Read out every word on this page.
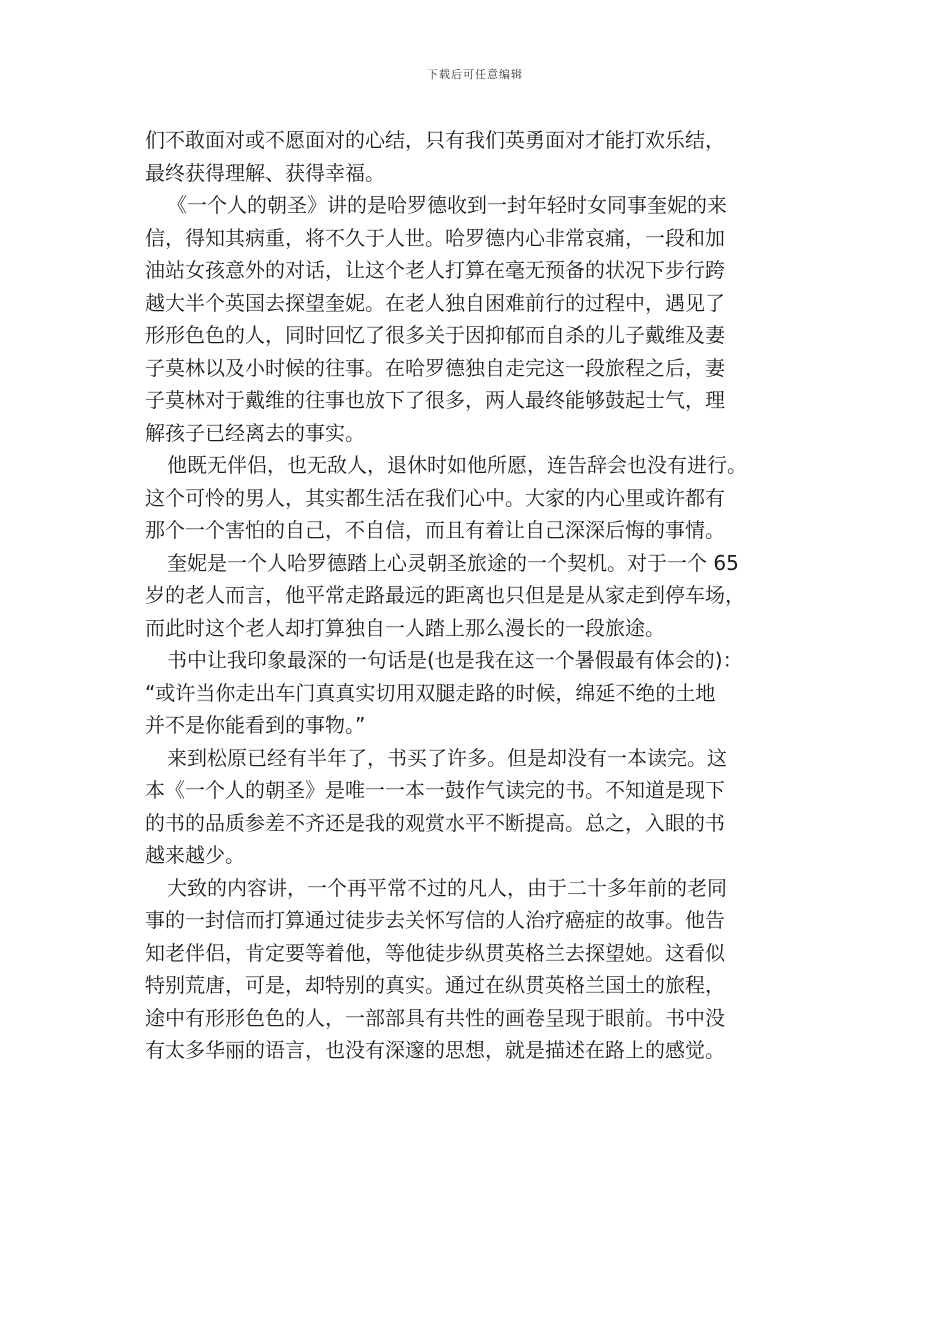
下载后可任意编辑
们不敢面对或不愿面对的心结，只有我们英勇面对才能打欢乐结，
最终获得理解、获得幸福。
《一个人的朝圣》讲的是哈罗德收到一封年轻时女同事奎妮的来
信，得知其病重，将不久于人世。哈罗德内心非常哀痛，一段和加
油站女孩意外的对话，让这个老人打算在毫无预备的状况下步行跨
越大半个英国去探望奎妮。在老人独自困难前行的过程中，遇见了
形形色色的人，同时回忆了很多关于因抑郁而自杀的儿子戴维及妻
子莫林以及小时候的往事。在哈罗德独自走完这一段旅程之后，妻
子莫林对于戴维的往事也放下了很多，两人最终能够鼓起士气，理
解孩子已经离去的事实。
他既无伴侣，也无敌人，退休时如他所愿，连告辞会也没有进行。
这个可怜的男人，其实都生活在我们心中。大家的内心里或许都有
那个一个害怕的自己，不自信，而且有着让自己深深后悔的事情。
奎妮是一个人哈罗德踏上心灵朝圣旅途的一个契机。对于一个 65
岁的老人而言，他平常走路最远的距离也只但是是从家走到停车场，
而此时这个老人却打算独自一人踏上那么漫长的一段旅途。
书中让我印象最深的一句话是(也是我在这一个暑假最有体会的)：
“或许当你走出车门真真实切用双腿走路的时候，绵延不绝的土地
并不是你能看到的事物。”
来到松原已经有半年了，书买了许多。但是却没有一本读完。这
本《一个人的朝圣》是唯一一本一鼓作气读完的书。不知道是现下
的书的品质参差不齐还是我的观赏水平不断提高。总之，入眼的书
越来越少。
大致的内容讲，一个再平常不过的凡人，由于二十多年前的老同
事的一封信而打算通过徒步去关怀写信的人治疗癌症的故事。他告
知老伴侣，肯定要等着他，等他徒步纵贯英格兰去探望她。这看似
特别荒唐，可是，却特别的真实。通过在纵贯英格兰国土的旅程，
途中有形形色色的人，一部部具有共性的画卷呈现于眼前。书中没
有太多华丽的语言，也没有深邃的思想，就是描述在路上的感觉。
